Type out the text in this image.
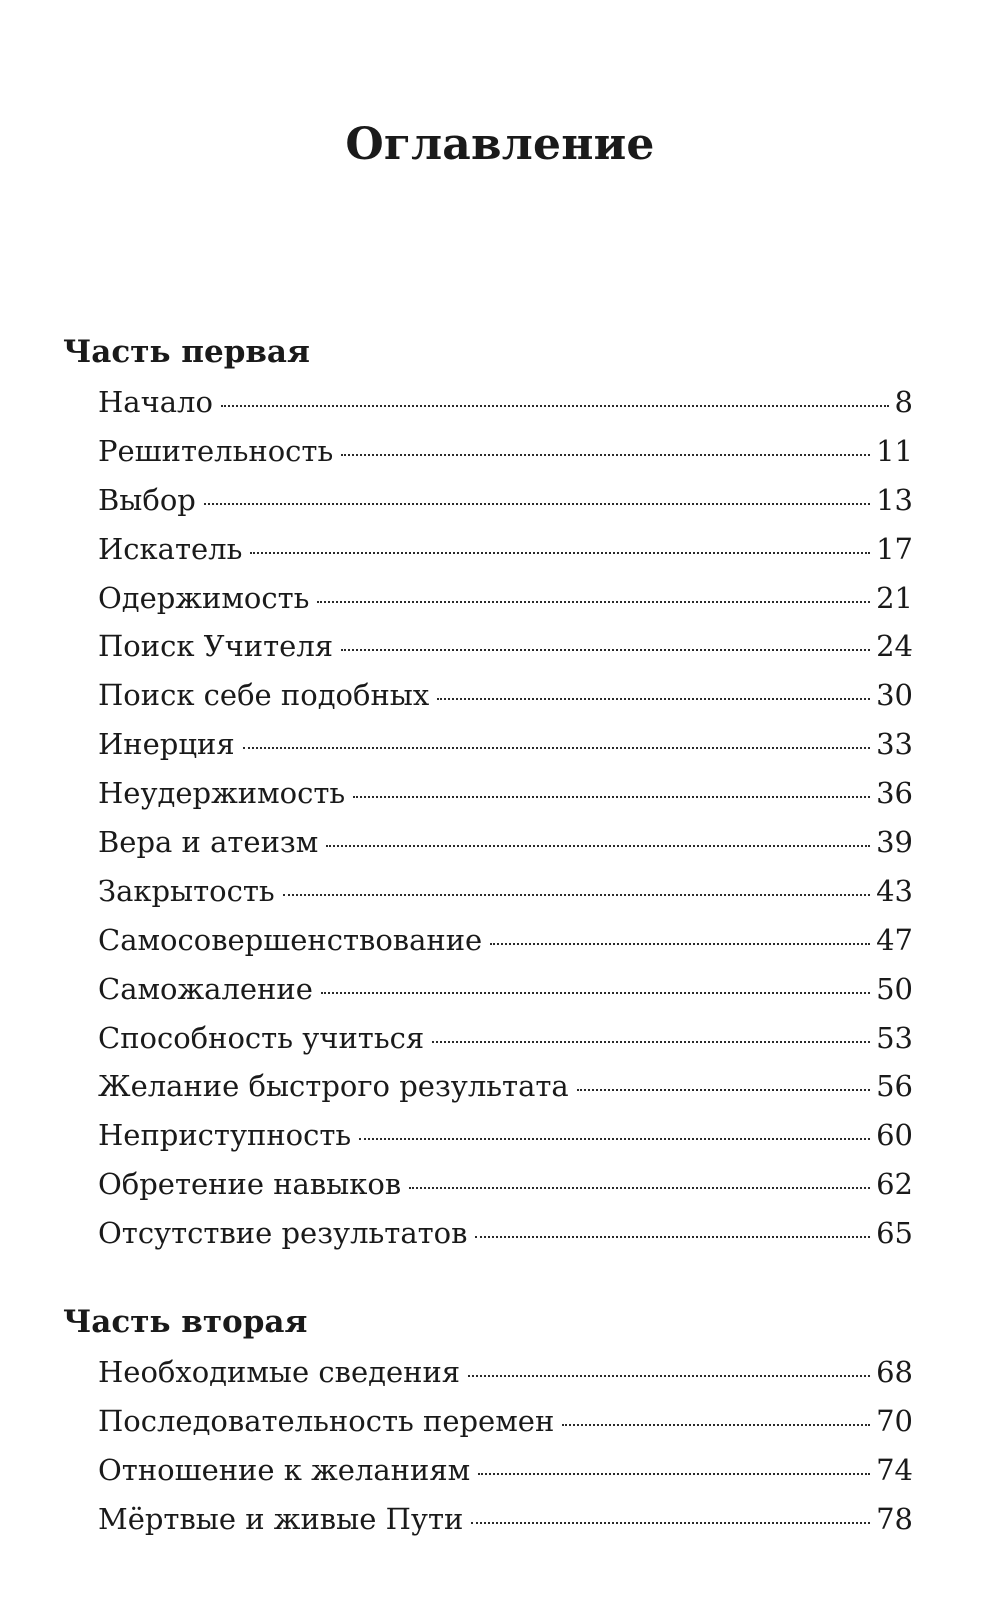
Оглавление
Часть первая
Начало	8
Решительность	11
Выбор	13
Искатель	17
Одержимость	21
Поиск Учителя	24
Поиск себе подобных	30
Инерция	33
Неудержимость	36
Вера и атеизм	39
Закрытость	43
Самосовершенствование	47
Саможаление	50
Способность учиться	53
Желание быстрого результата	56
Неприступность	60
Обретение навыков	62
Отсутствие результатов	65
Часть вторая
Необходимые сведения	68
Последовательность перемен	70
Отношение к желаниям	74
Мёртвые и живые Пути	78
